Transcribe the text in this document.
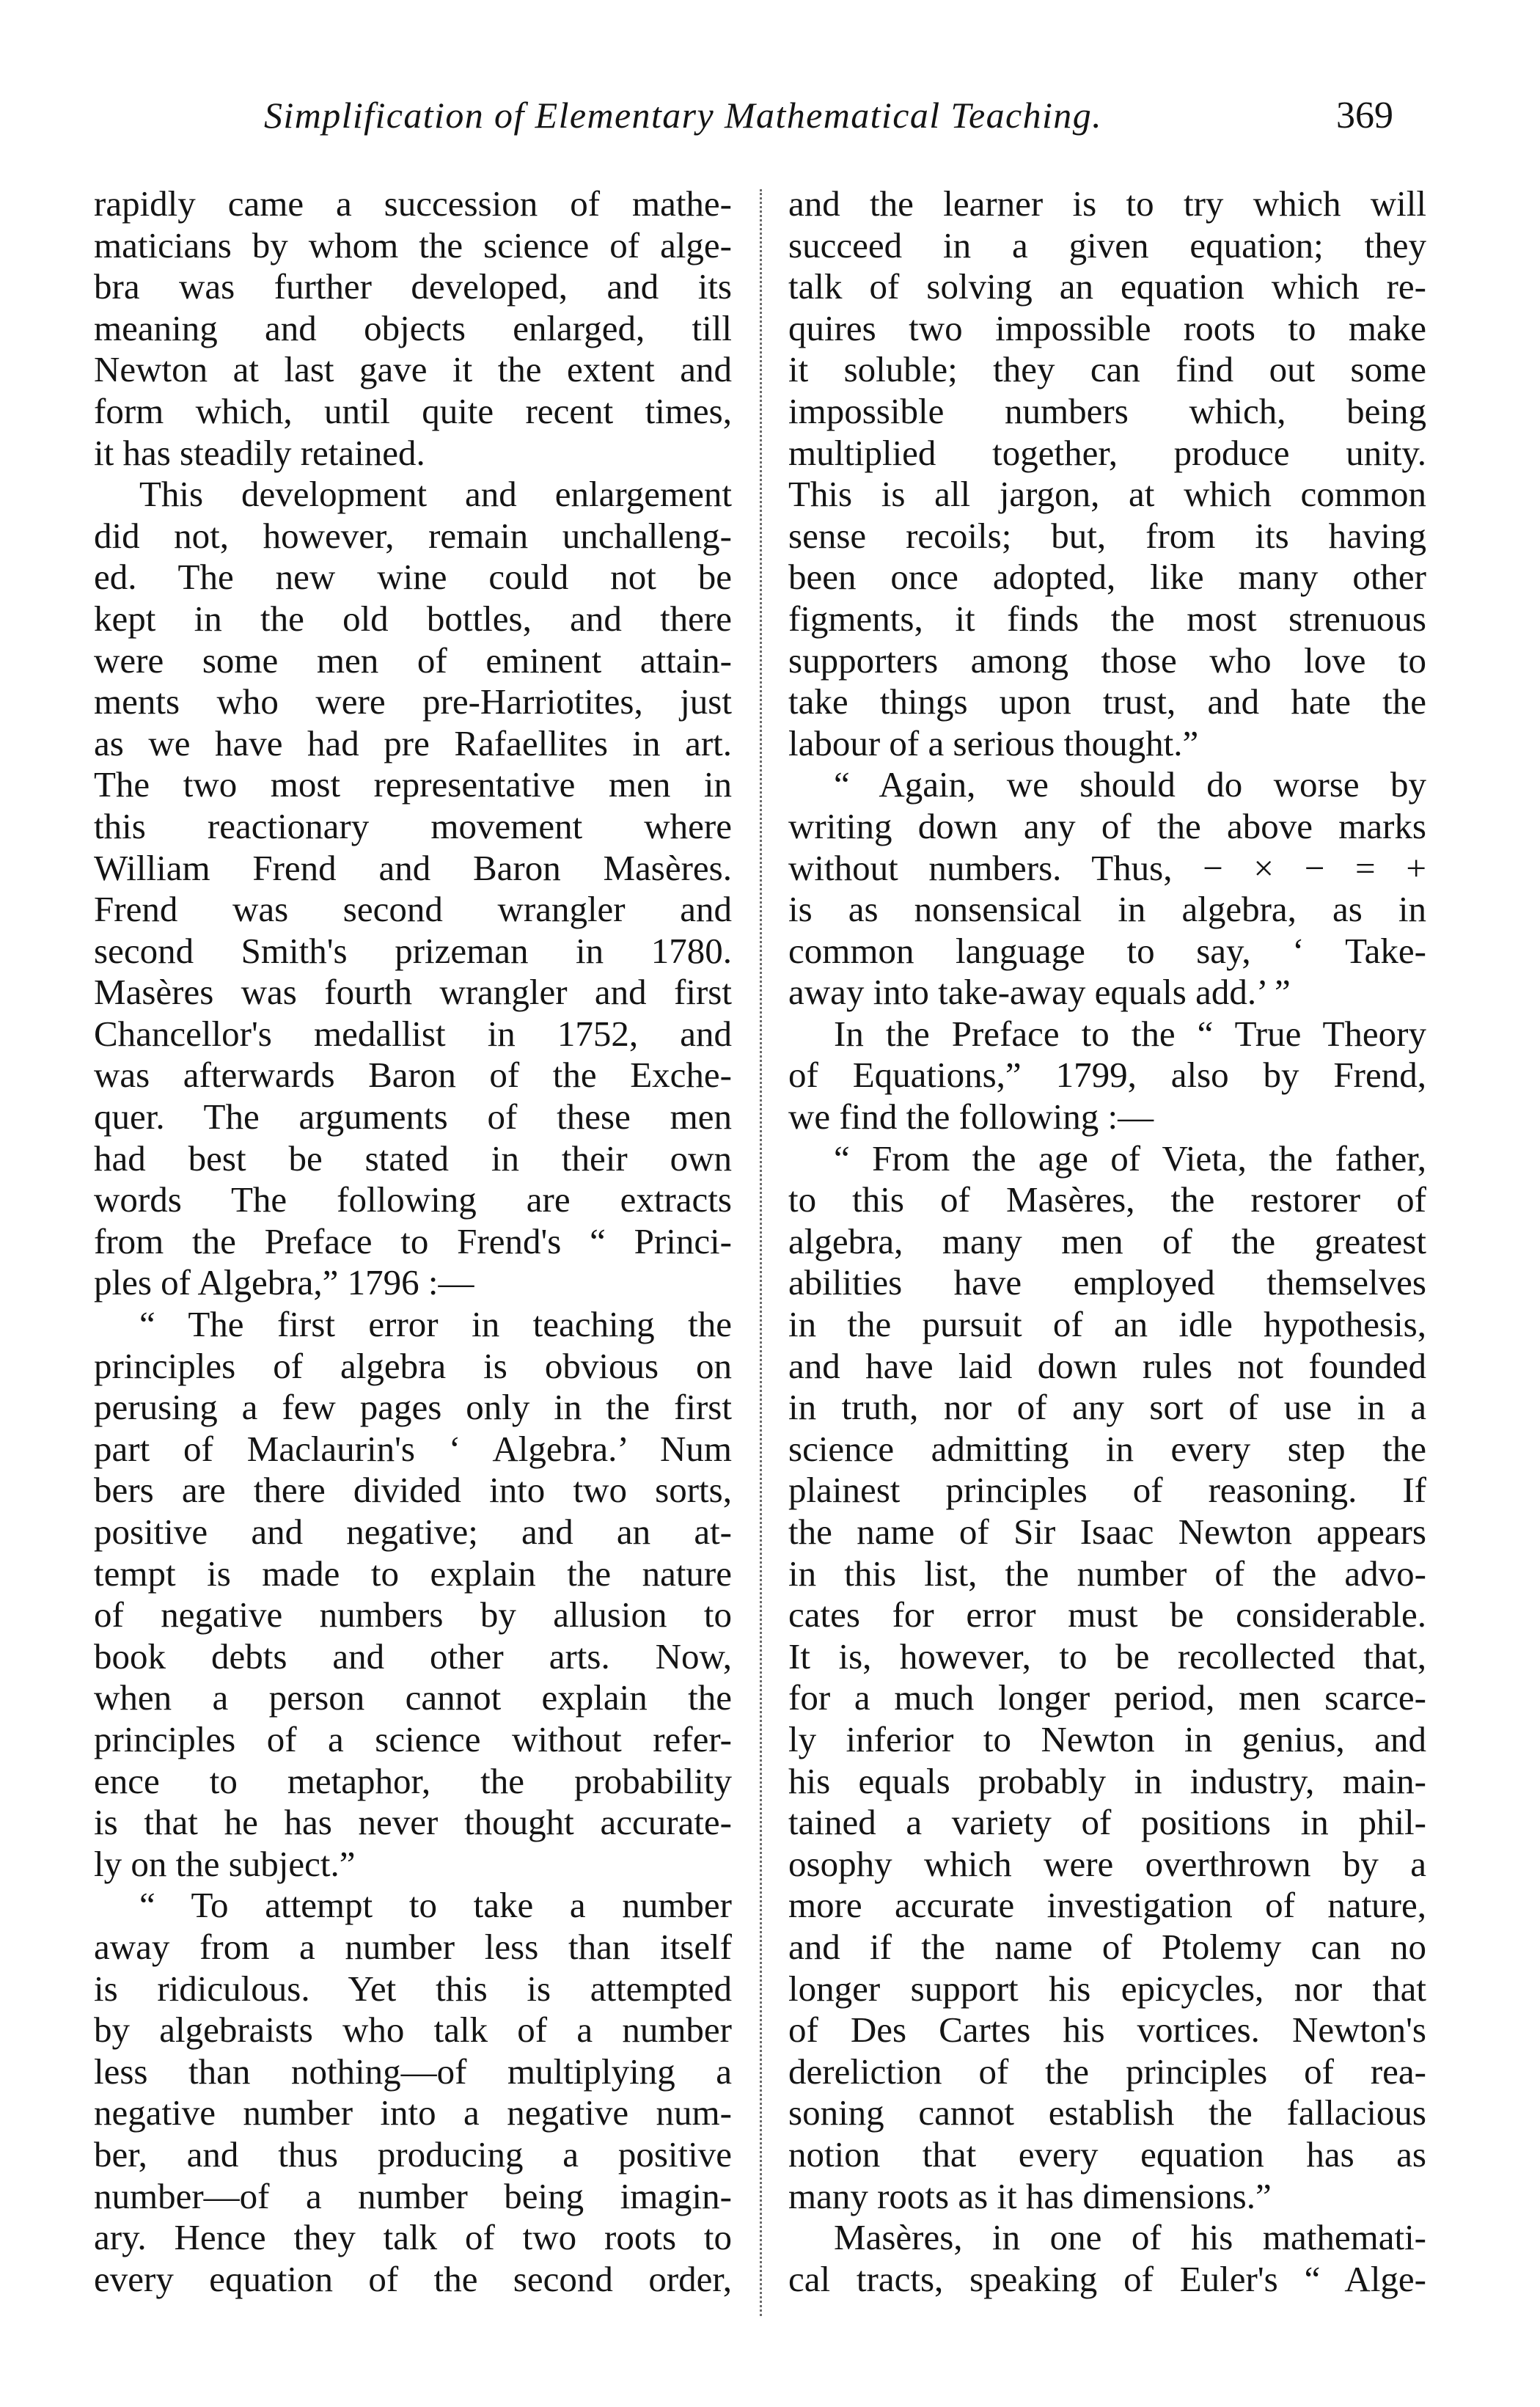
Simplification of Elementary Mathematical Teaching.	369
rapidly came a succession of mathe-
maticians by whom the science of alge-
bra was further developed, and its
meaning and objects enlarged, till
Newton at last gave it the extent and
form which, until quite recent times,
it has steadily retained.
This development and enlargement
did not, however, remain unchalleng-
ed. The new wine could not be
kept in the old bottles, and there
were some men of eminent attain-
ments who were pre-Harriotites, just
as we have had pre Rafaellites in art.
The two most representative men in
this reactionary movement where
William Frend and Baron Masères.
Frend was second wrangler and
second Smith's prizeman in 1780.
Masères was fourth wrangler and first
Chancellor's medallist in 1752, and
was afterwards Baron of the Exche-
quer. The arguments of these men
had best be stated in their own
words The following are extracts
from the Preface to Frend's “ Princi-
ples of Algebra,” 1796 :—
“ The first error in teaching the
principles of algebra is obvious on
perusing a few pages only in the first
part of Maclaurin's ‘ Algebra.’ Num
bers are there divided into two sorts,
positive and negative; and an at-
tempt is made to explain the nature
of negative numbers by allusion to
book debts and other arts. Now,
when a person cannot explain the
principles of a science without refer-
ence to metaphor, the probability
is that he has never thought accurate-
ly on the subject.”
“ To attempt to take a number
away from a number less than itself
is ridiculous. Yet this is attempted
by algebraists who talk of a number
less than nothing—of multiplying a
negative number into a negative num-
ber, and thus producing a positive
number—of a number being imagin-
ary. Hence they talk of two roots to
every equation of the second order,
and the learner is to try which will
succeed in a given equation; they
talk of solving an equation which re-
quires two impossible roots to make
it soluble; they can find out some
impossible numbers which, being
multiplied together, produce unity.
This is all jargon, at which common
sense recoils; but, from its having
been once adopted, like many other
figments, it finds the most strenuous
supporters among those who love to
take things upon trust, and hate the
labour of a serious thought.”
“ Again, we should do worse by
writing down any of the above marks
without numbers. Thus, − × − = +
is as nonsensical in algebra, as in
common language to say, ‘ Take-
away into take-away equals add.’ ”
In the Preface to the “ True Theory
of Equations,” 1799, also by Frend,
we find the following :—
“ From the age of Vieta, the father,
to this of Masères, the restorer of
algebra, many men of the greatest
abilities have employed themselves
in the pursuit of an idle hypothesis,
and have laid down rules not founded
in truth, nor of any sort of use in a
science admitting in every step the
plainest principles of reasoning. If
the name of Sir Isaac Newton appears
in this list, the number of the advo-
cates for error must be considerable.
It is, however, to be recollected that,
for a much longer period, men scarce-
ly inferior to Newton in genius, and
his equals probably in industry, main-
tained a variety of positions in phil-
osophy which were overthrown by a
more accurate investigation of nature,
and if the name of Ptolemy can no
longer support his epicycles, nor that
of Des Cartes his vortices. Newton's
dereliction of the principles of rea-
soning cannot establish the fallacious
notion that every equation has as
many roots as it has dimensions.”
Masères, in one of his mathemati-
cal tracts, speaking of Euler's “ Alge-
